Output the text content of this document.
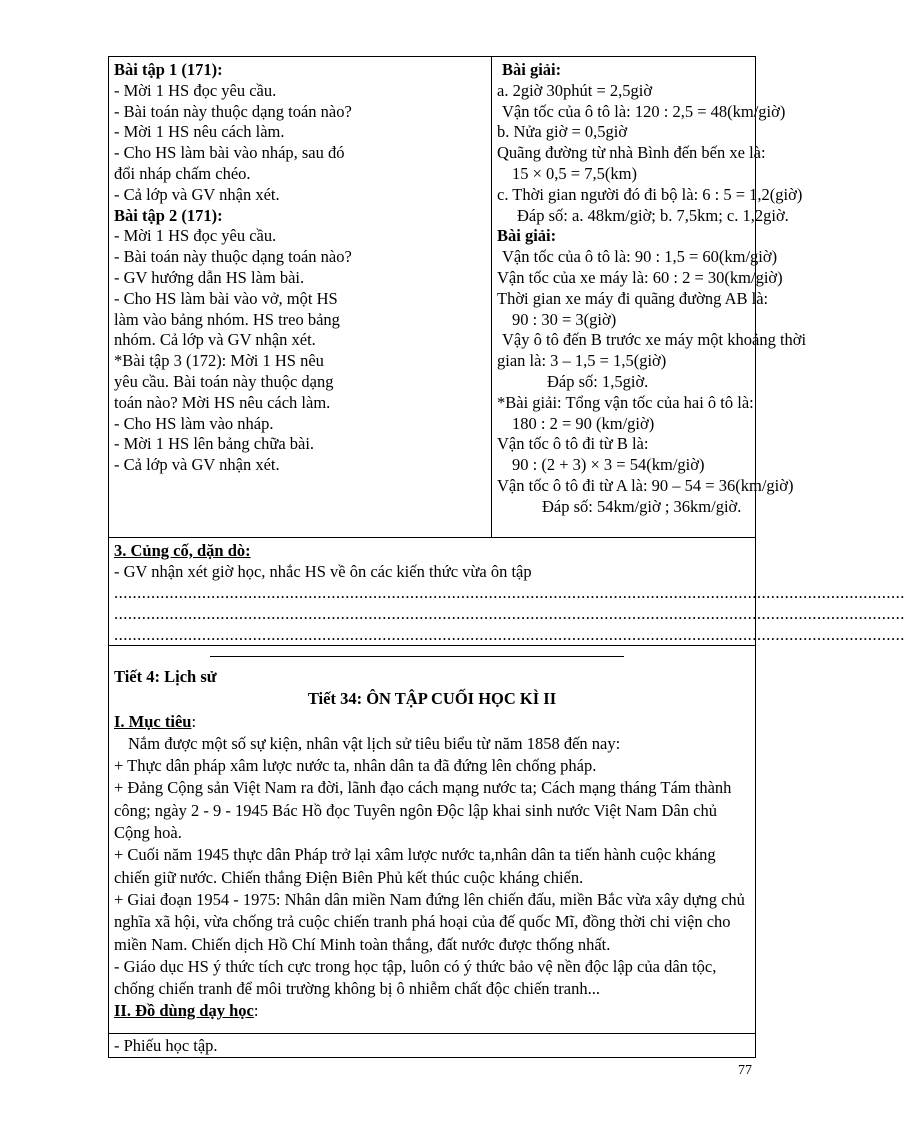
Bài tập 1 (171):
- Mời 1 HS đọc yêu cầu.
- Bài toán này thuộc dạng toán nào?
- Mời 1 HS nêu cách làm.
- Cho HS làm bài vào nháp, sau đó
đổi nháp chấm chéo.
- Cả lớp và GV nhận xét.
Bài tập 2 (171):
- Mời 1 HS đọc yêu cầu.
- Bài toán này thuộc dạng toán nào?
- GV hướng dẫn HS làm bài.
- Cho HS làm bài vào vở, một HS
làm vào bảng nhóm. HS treo bảng
nhóm. Cả lớp và GV nhận xét.
*Bài tập 3 (172): Mời 1 HS nêu
yêu cầu. Bài toán này thuộc dạng
toán nào? Mời HS nêu cách làm.
- Cho HS làm vào nháp.
- Mời 1 HS lên bảng chữa bài.
- Cả lớp và GV nhận xét.
Bài giải:
a. 2giờ 30phút = 2,5giờ
Vận tốc của ô tô là: 120 : 2,5 = 48(km/giờ)
b. Nửa giờ = 0,5giờ
Quãng đường từ nhà Bình đến bến xe là:
15 × 0,5 = 7,5(km)
c. Thời gian người đó đi bộ là: 6 : 5 = 1,2(giờ)
Đáp số: a. 48km/giờ; b. 7,5km; c. 1,2giờ.
Bài giải:
Vận tốc của ô tô là: 90 : 1,5 = 60(km/giờ)
Vận tốc của xe máy là: 60 : 2 = 30(km/giờ)
Thời gian xe máy đi quãng đường AB là:
90 : 30 = 3(giờ)
Vậy ô tô đến B trước xe máy một khoảng thời
gian là: 3 – 1,5 = 1,5(giờ)
Đáp số: 1,5giờ.
*Bài giải: Tổng vận tốc của hai ô tô là:
180 : 2 = 90 (km/giờ)
Vận tốc ô tô đi từ B là:
90 : (2 + 3) × 3 = 54(km/giờ)
Vận tốc ô tô đi từ A là: 90 – 54 = 36(km/giờ)
Đáp số: 54km/giờ ; 36km/giờ.
3. Củng cố, dặn dò:
- GV nhận xét giờ học, nhắc HS về ôn các kiến thức vừa ôn tập
...........................................................................................................................................................................
...........................................................................................................................................................................
...........................................................................................................................................................................
Tiết 4: Lịch sử
Tiết 34: ÔN TẬP CUỐI HỌC KÌ II
I. Mục tiêu:
Nắm được một số sự kiện, nhân vật lịch sử tiêu biểu từ năm 1858 đến nay:
+ Thực dân pháp xâm lược nước ta, nhân dân ta đã đứng lên chống pháp.
+ Đảng Cộng sản Việt Nam ra đời, lãnh đạo cách mạng nước ta; Cách mạng tháng Tám thành công; ngày 2 - 9 - 1945 Bác Hồ đọc Tuyên ngôn Độc lập khai sinh nước Việt Nam Dân chủ Cộng hoà.
+ Cuối năm 1945 thực dân Pháp trở lại xâm lược nước ta,nhân dân ta tiến hành cuộc kháng chiến giữ nước. Chiến thắng Điện Biên Phủ kết thúc cuộc kháng chiến.
+ Giai đoạn 1954 - 1975: Nhân dân miền Nam đứng lên chiến đấu, miền Bắc vừa xây dựng chủ nghĩa xã hội, vừa chống trả cuộc chiến tranh phá hoại của đế quốc Mĩ, đồng thời chi viện cho miền Nam. Chiến dịch Hồ Chí Minh toàn thắng, đất nước được thống nhất.
- Giáo dục HS ý thức tích cực trong học tập, luôn có ý thức bảo vệ nền độc lập của dân tộc, chống chiến tranh để môi trường không bị ô nhiễm chất độc chiến tranh...
II. Đồ dùng dạy học:
- Phiếu học tập.
77
